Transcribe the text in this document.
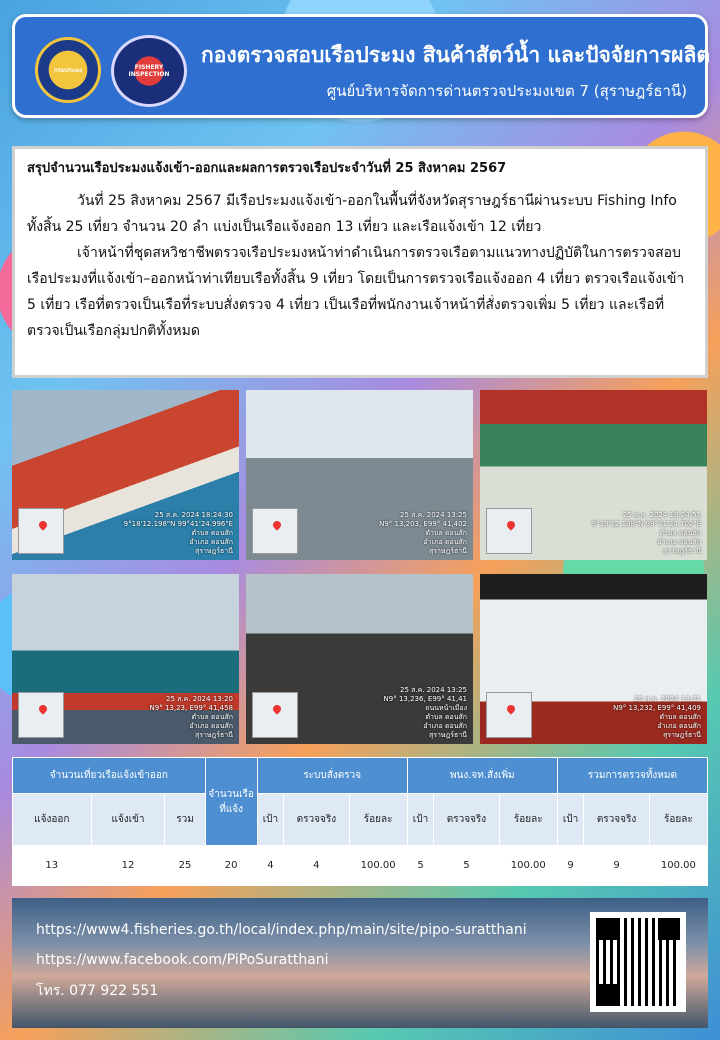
กรมประมง	FISHERY INSPECTION
กองตรวจสอบเรือประมง สินค้าสัตว์น้ำ และปัจจัยการผลิต
ศูนย์บริหารจัดการด่านตรวจประมงเขต 7 (สุราษฎร์ธานี)
สรุปจำนวนเรือประมงแจ้งเข้า-ออกและผลการตรวจเรือประจำวันที่ 25 สิงหาคม 2567

วันที่ 25 สิงหาคม 2567 มีเรือประมงแจ้งเข้า-ออกในพื้นที่จังหวัดสุราษฎร์ธานีผ่านระบบ Fishing Info ทั้งสิ้น 25 เที่ยว จำนวน 20 ลำ แบ่งเป็นเรือแจ้งออก 13 เที่ยว และเรือแจ้งเข้า 12 เที่ยว

เจ้าหน้าที่ชุดสหวิชาชีพตรวจเรือประมงหน้าท่าดำเนินการตรวจเรือตามแนวทางปฏิบัติในการตรวจสอบเรือประมงที่แจ้งเข้า–ออกหน้าท่าเทียบเรือทั้งสิ้น 9 เที่ยว โดยเป็นการตรวจเรือแจ้งออก 4 เที่ยว ตรวจเรือแจ้งเข้า 5 เที่ยว เรือที่ตรวจเป็นเรือที่ระบบสั่งตรวจ 4 เที่ยว เป็นเรือที่พนักงานเจ้าหน้าที่สั่งตรวจเพิ่ม 5 เที่ยว และเรือที่ตรวจเป็นเรือกลุ่มปกติทั้งหมด

25 ส.ค. 2024 18:24:30
9°18'12.198"N 99°41'24.996"E
ตำบล ดอนสัก
อำเภอ ดอนสัก
สุราษฎร์ธานี
25 ส.ค. 2024 13:25
N9° 13,203, E99° 41,402
ตำบล ดอนสัก
อำเภอ ดอนสัก
สุราษฎร์ธานี
25 ส.ค. 2024 18:24:51
9°18'12.198"N 99°41'24.702"E
ตำบล ดอนสัก
อำเภอ ดอนสัก
สุราษฎร์ธานี
25 ส.ค. 2024 13:20
N9° 13,23, E99° 41,458
ตำบล ดอนสัก
อำเภอ ดอนสัก
สุราษฎร์ธานี
25 ส.ค. 2024 13:25
N9° 13,236, E99° 41,41
ถนนหน้าเมือง
ตำบล ดอนสัก
อำเภอ ดอนสัก
สุราษฎร์ธานี
25 ส.ค. 2024 13:21
N9° 13,232, E99° 41,409
ตำบล ดอนสัก
อำเภอ ดอนสัก
สุราษฎร์ธานี
จำนวนเที่ยวเรือแจ้งเข้าออก			จำนวนเรือที่แจ้ง	ระบบสั่งตรวจ			พนง.จท.สั่งเพิ่ม			รวมการตรวจทั้งหมด		
แจ้งออก	แจ้งเข้า	รวม		เป้า	ตรวจจริง	ร้อยละ	เป้า	ตรวจจริง	ร้อยละ	เป้า	ตรวจจริง	ร้อยละ
13	12	25	20	4	4	100.00	5	5	100.00	9	9	100.00
https://www4.fisheries.go.th/local/index.php/main/site/pipo-suratthani
https://www.facebook.com/PiPoSuratthani
โทร. 077 922 551
